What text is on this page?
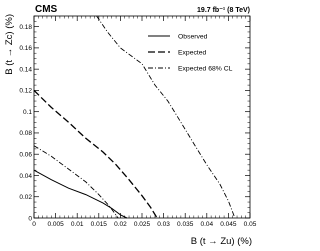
0 0.005 0.01 0.015 0.02 0.025 0.03 0.035 0.04 0.045 0.05
0
0.02
0.04
0.06
0.08
0.1
0.12
0.14
0.16
0.18
CMS	19.7 fb⁻¹ (8 TeV)
B (t → Zc) (%)
B (t → Zu) (%)
Observed
Expected
Expected 68% CL
